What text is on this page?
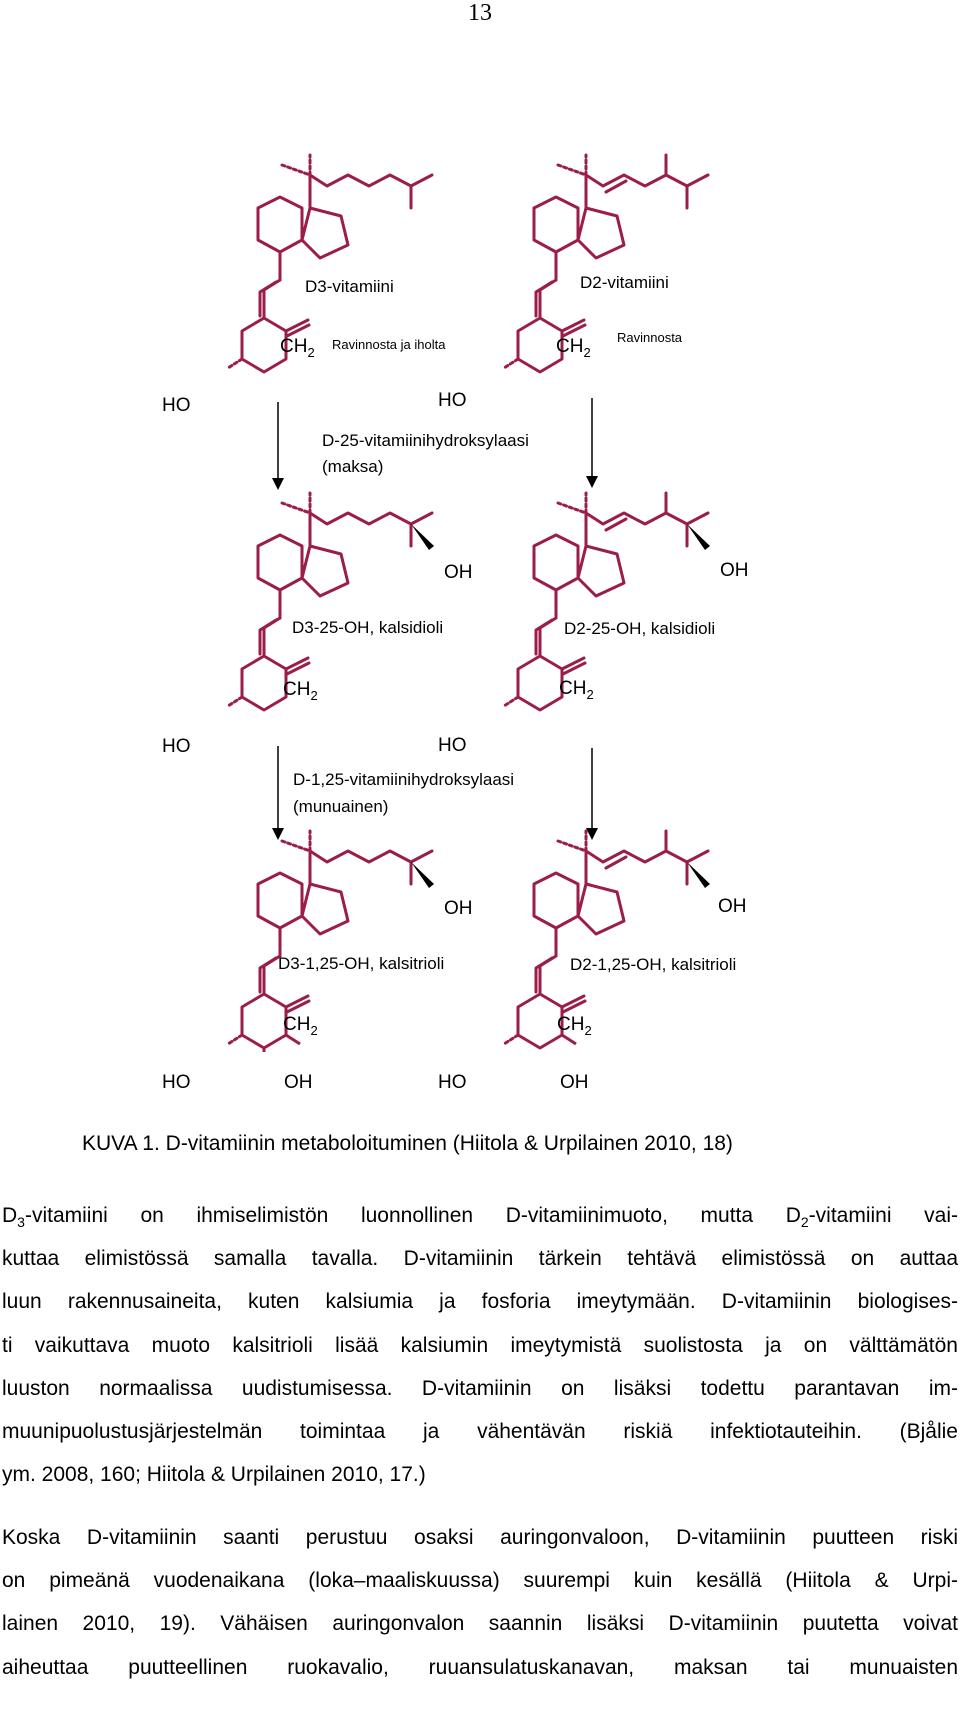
13
D3-vitamiini	D2-vitamiini
$CH_2$	$CH_2$
Ravinnosta ja iholta	Ravinnosta
HO	HO
D-25-vitamiinihydroksylaasi
(maksa)
OH	OH
D3-25-OH, kalsidioli	D2-25-OH, kalsidioli
$CH_2$	$CH_2$
HO	HO
D-1,25-vitamiinihydroksylaasi
(munuainen)
OH	OH
D3-1,25-OH, kalsitrioli	D2-1,25-OH, kalsitrioli
$CH_2$	$CH_2$
HO	OH	HO	OH
KUVA 1. D-vitamiinin metaboloituminen (Hiitola & Urpilainen 2010, 18)
$D_3$-vitamiini on ihmiselimistön luonnollinen D-vitamiinimuoto, mutta $D_2$-vitamiini vai-
kuttaa elimistössä samalla tavalla. D-vitamiinin tärkein tehtävä elimistössä on auttaa
luun rakennusaineita, kuten kalsiumia ja fosforia imeytymään. D-vitamiinin biologises-
ti vaikuttava muoto kalsitrioli lisää kalsiumin imeytymistä suolistosta ja on välttämätön
luuston normaalissa uudistumisessa. D-vitamiinin on lisäksi todettu parantavan im-
muunipuolustusjärjestelmän toimintaa ja vähentävän riskiä infektiotauteihin. (Bjålie
ym. 2008, 160; Hiitola & Urpilainen 2010, 17.)
Koska D-vitamiinin saanti perustuu osaksi auringonvaloon, D-vitamiinin puutteen riski
on pimeänä vuodenaikana (loka–maaliskuussa) suurempi kuin kesällä (Hiitola & Urpi-
lainen 2010, 19). Vähäisen auringonvalon saannin lisäksi D-vitamiinin puutetta voivat
aiheuttaa puutteellinen ruokavalio, ruuansulatuskanavan, maksan tai munuaisten
